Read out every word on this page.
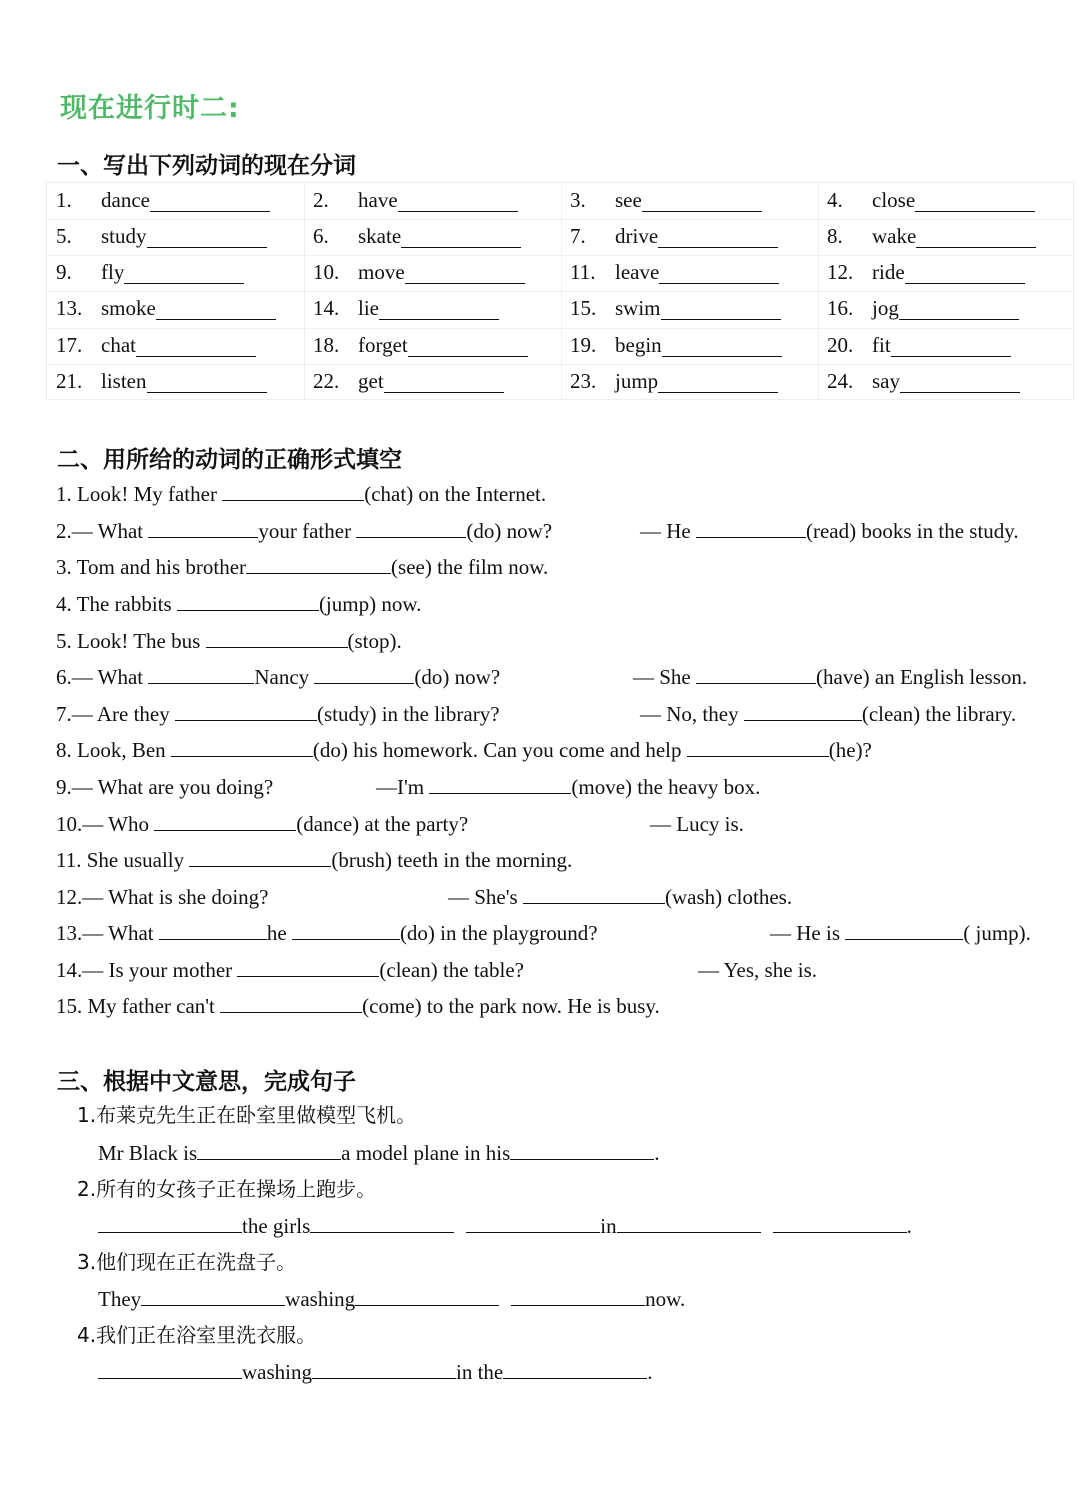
现在进行时二:
一、写出下列动词的现在分词
1. dance	2. have	3. see	4. close
5. study	6. skate	7. drive	8. wake
9. fly	10. move	11. leave	12. ride
13. smoke	14. lie	15. swim	16. jog
17. chat	18. forget	19. begin	20. fit
21. listen	22. get	23. jump	24. say
二、用所给的动词的正确形式填空
1. Look! My father	(chat) on the Internet.
2.— What	your father	(do) now?	— He	(read) books in the study.
3. Tom and his brother	(see) the film now.
4. The rabbits	(jump) now.
5. Look! The bus	(stop).
6.— What	Nancy	(do) now?	— She	(have) an English lesson.
7.— Are they	(study) in the library?	— No, they	(clean) the library.
8. Look, Ben	(do) his homework. Can you come and help	(he)?
9.— What are you doing?	—I'm	(move) the heavy box.
10.— Who	(dance) at the party?	— Lucy is.
11. She usually	(brush) teeth in the morning.
12.— What is she doing?	— She's	(wash) clothes.
13.— What	he	(do) in the playground?	— He is	( jump).
14.— Is your mother	(clean) the table?	— Yes, she is.
15. My father can't	(come) to the park now. He is busy.
三、根据中文意思，完成句子
1.布莱克先生正在卧室里做模型飞机。
Mr Black is	a model plane in his	.
2.所有的女孩子正在操场上跑步。
the girls	in	.
3.他们现在正在洗盘子。
They	washing	now.
4.我们正在浴室里洗衣服。
washing	in the	.
